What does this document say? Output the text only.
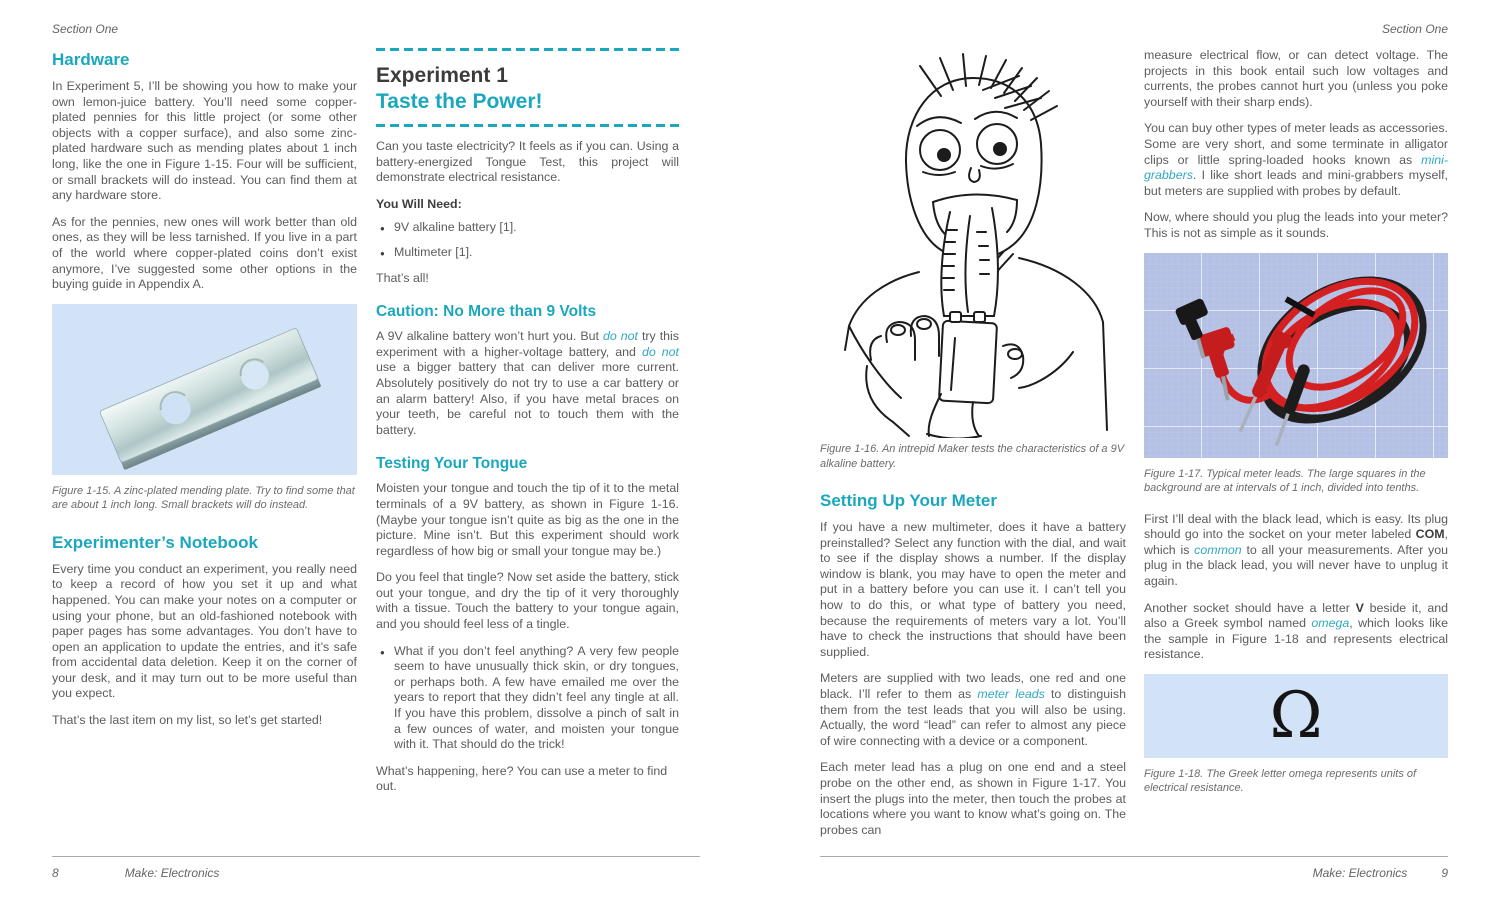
Section One
Hardware

In Experiment 5, I’ll be showing you how to make your own lemon-juice battery. You’ll need some copper-plated pennies for this little project (or some other objects with a copper surface), and also some zinc-plated hardware such as mending plates about 1 inch long, like the one in Figure 1-15. Four will be sufficient, or small brackets will do instead. You can find them at any hardware store.

As for the pennies, new ones will work better than old ones, as they will be less tarnished. If you live in a part of the world where copper-plated coins don’t exist anymore, I’ve suggested some other options in the buying guide in Appendix A.

Figure 1-15. A zinc-plated mending plate. Try to find some that are about 1 inch long. Small brackets will do instead.
Experimenter’s Notebook

Every time you conduct an experiment, you really need to keep a record of how you set it up and what happened. You can make your notes on a computer or using your phone, but an old-fashioned notebook with paper pages has some advantages. You don’t have to open an application to update the entries, and it’s safe from accidental data deletion. Keep it on the corner of your desk, and it may turn out to be more useful than you expect.

That’s the last item on my list, so let’s get started!

Experiment 1
Taste the Power!

Can you taste electricity? It feels as if you can. Using a battery-energized Tongue Test, this project will demonstrate electrical resistance.

You Will Need:
● 9V alkaline battery [1].
● Multimeter [1].

That’s all!

Caution: No More than 9 Volts

A 9V alkaline battery won’t hurt you. But do not try this experiment with a higher-voltage battery, and do not use a bigger battery that can deliver more current. Absolutely positively do not try to use a car battery or an alarm battery! Also, if you have metal braces on your teeth, be careful not to touch them with the battery.

Testing Your Tongue

Moisten your tongue and touch the tip of it to the metal terminals of a 9V battery, as shown in Figure 1-16. (Maybe your tongue isn’t quite as big as the one in the picture. Mine isn’t. But this experiment should work regardless of how big or small your tongue may be.)

Do you feel that tingle? Now set aside the battery, stick out your tongue, and dry the tip of it very thoroughly with a tissue. Touch the battery to your tongue again, and you should feel less of a tingle.

● What if you don’t feel anything? A very few people seem to have unusually thick skin, or dry tongues, or perhaps both. A few have emailed me over the years to report that they didn’t feel any tingle at all. If you have this problem, dissolve a pinch of salt in a few ounces of water, and moisten your tongue with it. That should do the trick!

What’s happening, here? You can use a meter to find out.

8	Make: Electronics
Section One
Figure 1-16. An intrepid Maker tests the characteristics of a 9V alkaline battery.
Setting Up Your Meter

If you have a new multimeter, does it have a battery preinstalled? Select any function with the dial, and wait to see if the display shows a number. If the display window is blank, you may have to open the meter and put in a battery before you can use it. I can’t tell you how to do this, or what type of battery you need, because the requirements of meters vary a lot. You’ll have to check the instructions that should have been supplied.

Meters are supplied with two leads, one red and one black. I’ll refer to them as meter leads to distinguish them from the test leads that you will also be using. Actually, the word “lead” can refer to almost any piece of wire connecting with a device or a component.

Each meter lead has a plug on one end and a steel probe on the other end, as shown in Figure 1-17. You insert the plugs into the meter, then touch the probes at locations where you want to know what’s going on. The probes can

measure electrical flow, or can detect voltage. The projects in this book entail such low voltages and currents, the probes cannot hurt you (unless you poke yourself with their sharp ends).

You can buy other types of meter leads as accessories. Some are very short, and some terminate in alligator clips or little spring-loaded hooks known as mini-grabbers. I like short leads and mini-grabbers myself, but meters are supplied with probes by default.

Now, where should you plug the leads into your meter? This is not as simple as it sounds.

Figure 1-17. Typical meter leads. The large squares in the background are at intervals of 1 inch, divided into tenths.

First I’ll deal with the black lead, which is easy. Its plug should go into the socket on your meter labeled COM, which is common to all your measurements. After you plug in the black lead, you will never have to unplug it again.

Another socket should have a letter V beside it, and also a Greek symbol named omega, which looks like the sample in Figure 1-18 and represents electrical resistance.

Ω
Figure 1-18. The Greek letter omega represents units of electrical resistance.
Make: Electronics	9
